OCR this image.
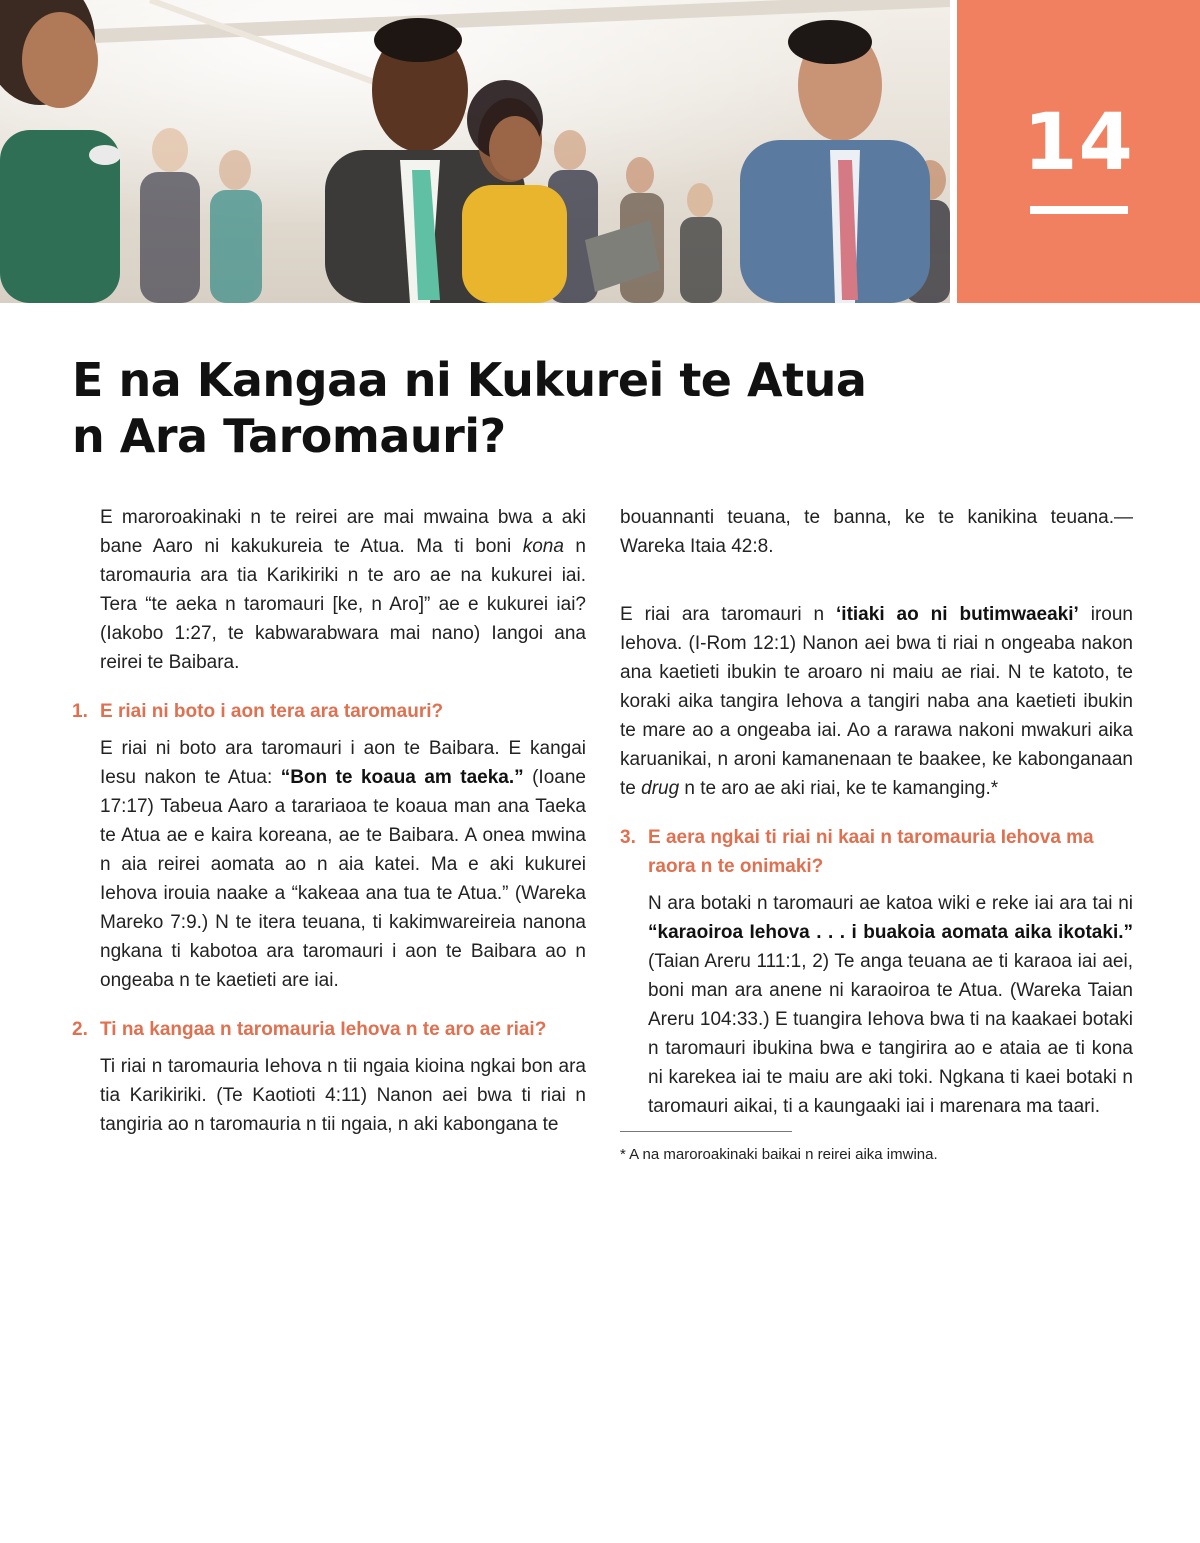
14
E na Kangaa ni Kukurei te Atua
n Ara Taromauri?

E maroroakinaki n te reirei are mai mwaina bwa a aki bane Aaro ni kakukureia te Atua. Ma ti boni kona n taromauria ara tia Karikiriki n te aro ae na kukurei iai. Tera “te aeka n taromauri [ke, n Aro]” ae e kukurei iai? (Iakobo 1:27, te kabwarabwara mai nano) Iangoi ana reirei te Baibara.

1. E riai ni boto i aon tera ara taromauri?

E riai ni boto ara taromauri i aon te Baibara. E kangai Iesu nakon te Atua: “Bon te koaua am taeka.” (Ioane 17:17) Tabeua Aaro a tarariaoa te koaua man ana Taeka te Atua ae e kaira koreana, ae te Baibara. A onea mwina n aia reirei aomata ao n aia katei. Ma e aki kukurei Iehova irouia naake a “kakeaa ana tua te Atua.” (Wareka Mareko 7:9.) N te itera teuana, ti kakimwareireia nanona ngkana ti kabotoa ara taromauri i aon te Baibara ao n ongeaba n te kaetieti are iai.

2. Ti na kangaa n taromauria Iehova n te aro ae riai?

Ti riai n taromauria Iehova n tii ngaia kioina ngkai bon ara tia Karikiriki. (Te Kaotioti 4:11) Nanon aei bwa ti riai n tangiria ao n taromauria n tii ngaia, n aki kabongana te

bouannanti teuana, te banna, ke te kanikina teuana.—Wareka Itaia 42:8.

E riai ara taromauri n ‘itiaki ao ni butimwaeaki’ iroun Iehova. (I-Rom 12:1) Nanon aei bwa ti riai n ongeaba nakon ana kaetieti ibukin te aroaro ni maiu ae riai. N te katoto, te koraki aika tangira Iehova a tangiri naba ana kaetieti ibukin te mare ao a ongeaba iai. Ao a rarawa nakoni mwakuri aika karuanikai, n aroni kamanenaan te baakee, ke kabonganaan te drug n te aro ae aki riai, ke te kamanging.*

3. E aera ngkai ti riai ni kaai n taromauria Iehova ma raora n te onimaki?

N ara botaki n taromauri ae katoa wiki e reke iai ara tai ni “karaoiroa Iehova . . . i buakoia aomata aika ikotaki.” (Taian Areru 111:1, 2) Te anga teuana ae ti karaoa iai aei, boni man ara anene ni karaoiroa te Atua. (Wareka Taian Areru 104:33.) E tuangira Iehova bwa ti na kaakaei botaki n taromauri ibukina bwa e tangirira ao e ataia ae ti kona ni karekea iai te maiu are aki toki. Ngkana ti kaei botaki n taromauri aikai, ti a kaungaaki iai i marenara ma taari.

* A na maroroakinaki baikai n reirei aika imwina.
